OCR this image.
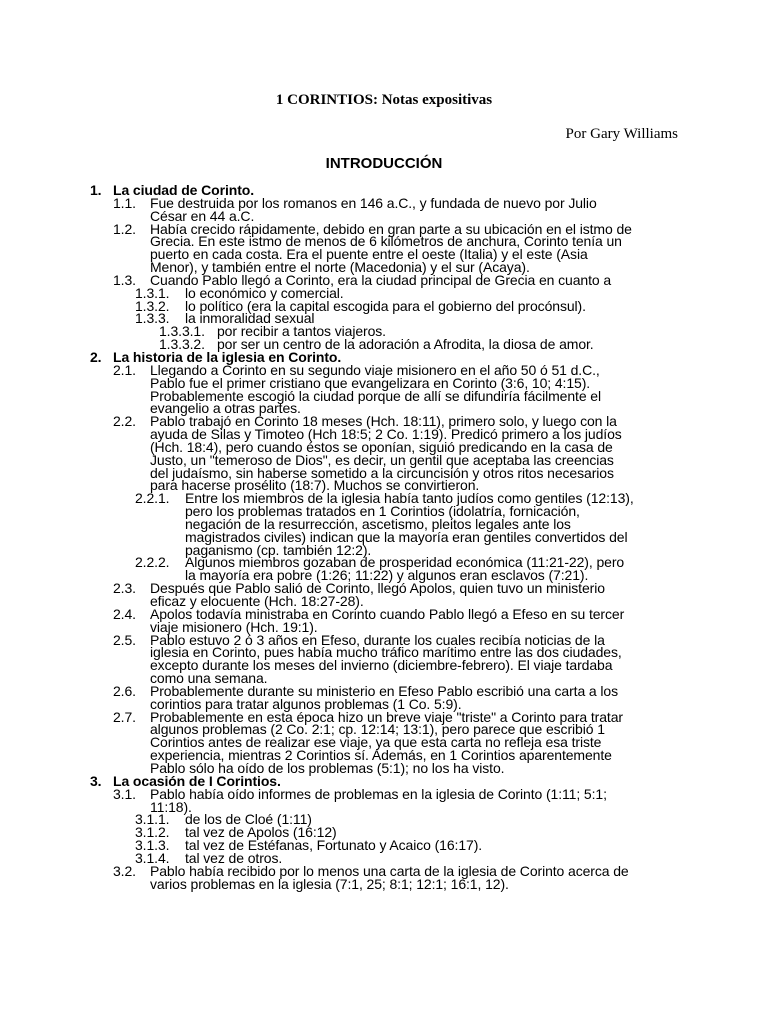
1 CORINTIOS: Notas expositivas
Por Gary Williams
INTRODUCCIÓN
1. La ciudad de Corinto.
1.1. Fue destruida por los romanos en 146 a.C., y fundada de nuevo por Julio
César en 44 a.C.
1.2. Había crecido rápidamente, debido en gran parte a su ubicación en el istmo de
Grecia. En este istmo de menos de 6 kilómetros de anchura, Corinto tenía un
puerto en cada costa. Era el puente entre el oeste (Italia) y el este (Asia
Menor), y también entre el norte (Macedonia) y el sur (Acaya).
1.3. Cuando Pablo llegó a Corinto, era la ciudad principal de Grecia en cuanto a
1.3.1. lo económico y comercial.
1.3.2. lo político (era la capital escogida para el gobierno del procónsul).
1.3.3. la inmoralidad sexual
1.3.3.1. por recibir a tantos viajeros.
1.3.3.2. por ser un centro de la adoración a Afrodita, la diosa de amor.
2. La historia de la iglesia en Corinto.
2.1. Llegando a Corinto en su segundo viaje misionero en el año 50 ó 51 d.C.,
Pablo fue el primer cristiano que evangelizara en Corinto (3:6, 10; 4:15).
Probablemente escogió la ciudad porque de allí se difundiría fácilmente el
evangelio a otras partes.
2.2. Pablo trabajó en Corinto 18 meses (Hch. 18:11), primero solo, y luego con la
ayuda de Silas y Timoteo (Hch 18:5; 2 Co. 1:19). Predicó primero a los judíos
(Hch. 18:4), pero cuando éstos se oponían, siguió predicando en la casa de
Justo, un "temeroso de Dios", es decir, un gentil que aceptaba las creencias
del judaísmo, sin haberse sometido a la circuncisión y otros ritos necesarios
para hacerse prosélito (18:7). Muchos se convirtieron.
2.2.1. Entre los miembros de la iglesia había tanto judíos como gentiles (12:13),
pero los problemas tratados en 1 Corintios (idolatría, fornicación,
negación de la resurrección, ascetismo, pleitos legales ante los
magistrados civiles) indican que la mayoría eran gentiles convertidos del
paganismo (cp. también 12:2).
2.2.2. Algunos miembros gozaban de prosperidad económica (11:21-22), pero
la mayoría era pobre (1:26; 11:22) y algunos eran esclavos (7:21).
2.3. Después que Pablo salió de Corinto, llegó Apolos, quien tuvo un ministerio
eficaz y elocuente (Hch. 18:27-28).
2.4. Apolos todavía ministraba en Corinto cuando Pablo llegó a Efeso en su tercer
viaje misionero (Hch. 19:1).
2.5. Pablo estuvo 2 ó 3 años en Efeso, durante los cuales recibía noticias de la
iglesia en Corinto, pues había mucho tráfico marítimo entre las dos ciudades,
excepto durante los meses del invierno (diciembre-febrero). El viaje tardaba
como una semana.
2.6. Probablemente durante su ministerio en Efeso Pablo escribió una carta a los
corintios para tratar algunos problemas (1 Co. 5:9).
2.7. Probablemente en esta época hizo un breve viaje "triste" a Corinto para tratar
algunos problemas (2 Co. 2:1; cp. 12:14; 13:1), pero parece que escribió 1
Corintios antes de realizar ese viaje, ya que esta carta no refleja esa triste
experiencia, mientras 2 Corintios sí. Además, en 1 Corintios aparentemente
Pablo sólo ha oído de los problemas (5:1); no los ha visto.
3. La ocasión de I Corintios.
3.1. Pablo había oído informes de problemas en la iglesia de Corinto (1:11; 5:1;
11:18).
3.1.1. de los de Cloé (1:11)
3.1.2. tal vez de Apolos (16:12)
3.1.3. tal vez de Estéfanas, Fortunato y Acaico (16:17).
3.1.4. tal vez de otros.
3.2. Pablo había recibido por lo menos una carta de la iglesia de Corinto acerca de
varios problemas en la iglesia (7:1, 25; 8:1; 12:1; 16:1, 12).
